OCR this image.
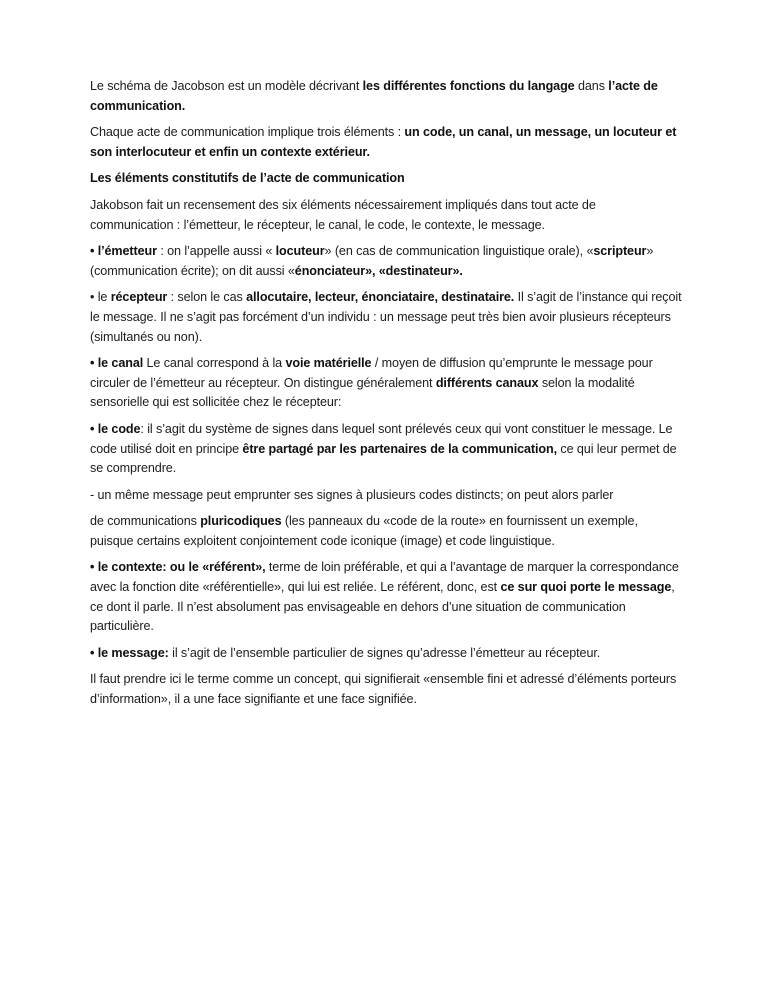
Le schéma de Jacobson est un modèle décrivant les différentes fonctions du langage dans l’acte de communication.

Chaque acte de communication implique trois éléments : un code, un canal, un message, un locuteur et son interlocuteur et enfin un contexte extérieur.

Les éléments constitutifs de l’acte de communication

Jakobson fait un recensement des six éléments nécessairement impliqués dans tout acte de communication : l’émetteur, le récepteur, le canal, le code, le contexte, le message.

• l’émetteur : on l’appelle aussi « locuteur» (en cas de communication linguistique orale), «scripteur» (communication écrite); on dit aussi «énonciateur», «destinateur».

• le récepteur : selon le cas allocutaire, lecteur, énonciataire, destinataire. Il s’agit de l’instance qui reçoit le message. Il ne s’agit pas forcément d’un individu : un message peut très bien avoir plusieurs récepteurs (simultanés ou non).

• le canal Le canal correspond à la voie matérielle / moyen de diffusion qu’emprunte le message pour circuler de l’émetteur au récepteur. On distingue généralement différents canaux selon la modalité sensorielle qui est sollicitée chez le récepteur:

• le code: il s’agit du système de signes dans lequel sont prélevés ceux qui vont constituer le message. Le code utilisé doit en principe être partagé par les partenaires de la communication, ce qui leur permet de se comprendre.

- un même message peut emprunter ses signes à plusieurs codes distincts; on peut alors parler

de communications pluricodiques (les panneaux du «code de la route» en fournissent un exemple, puisque certains exploitent conjointement code iconique (image) et code linguistique.

• le contexte: ou le «référent», terme de loin préférable, et qui a l’avantage de marquer la correspondance avec la fonction dite «référentielle», qui lui est reliée. Le référent, donc, est ce sur quoi porte le message, ce dont il parle. Il n’est absolument pas envisageable en dehors d’une situation de communication particulière.

• le message: il s’agit de l’ensemble particulier de signes qu’adresse l’émetteur au récepteur.

Il faut prendre ici le terme comme un concept, qui signifierait «ensemble fini et adressé d’éléments porteurs d’information», il a une face signifiante et une face signifiée.
